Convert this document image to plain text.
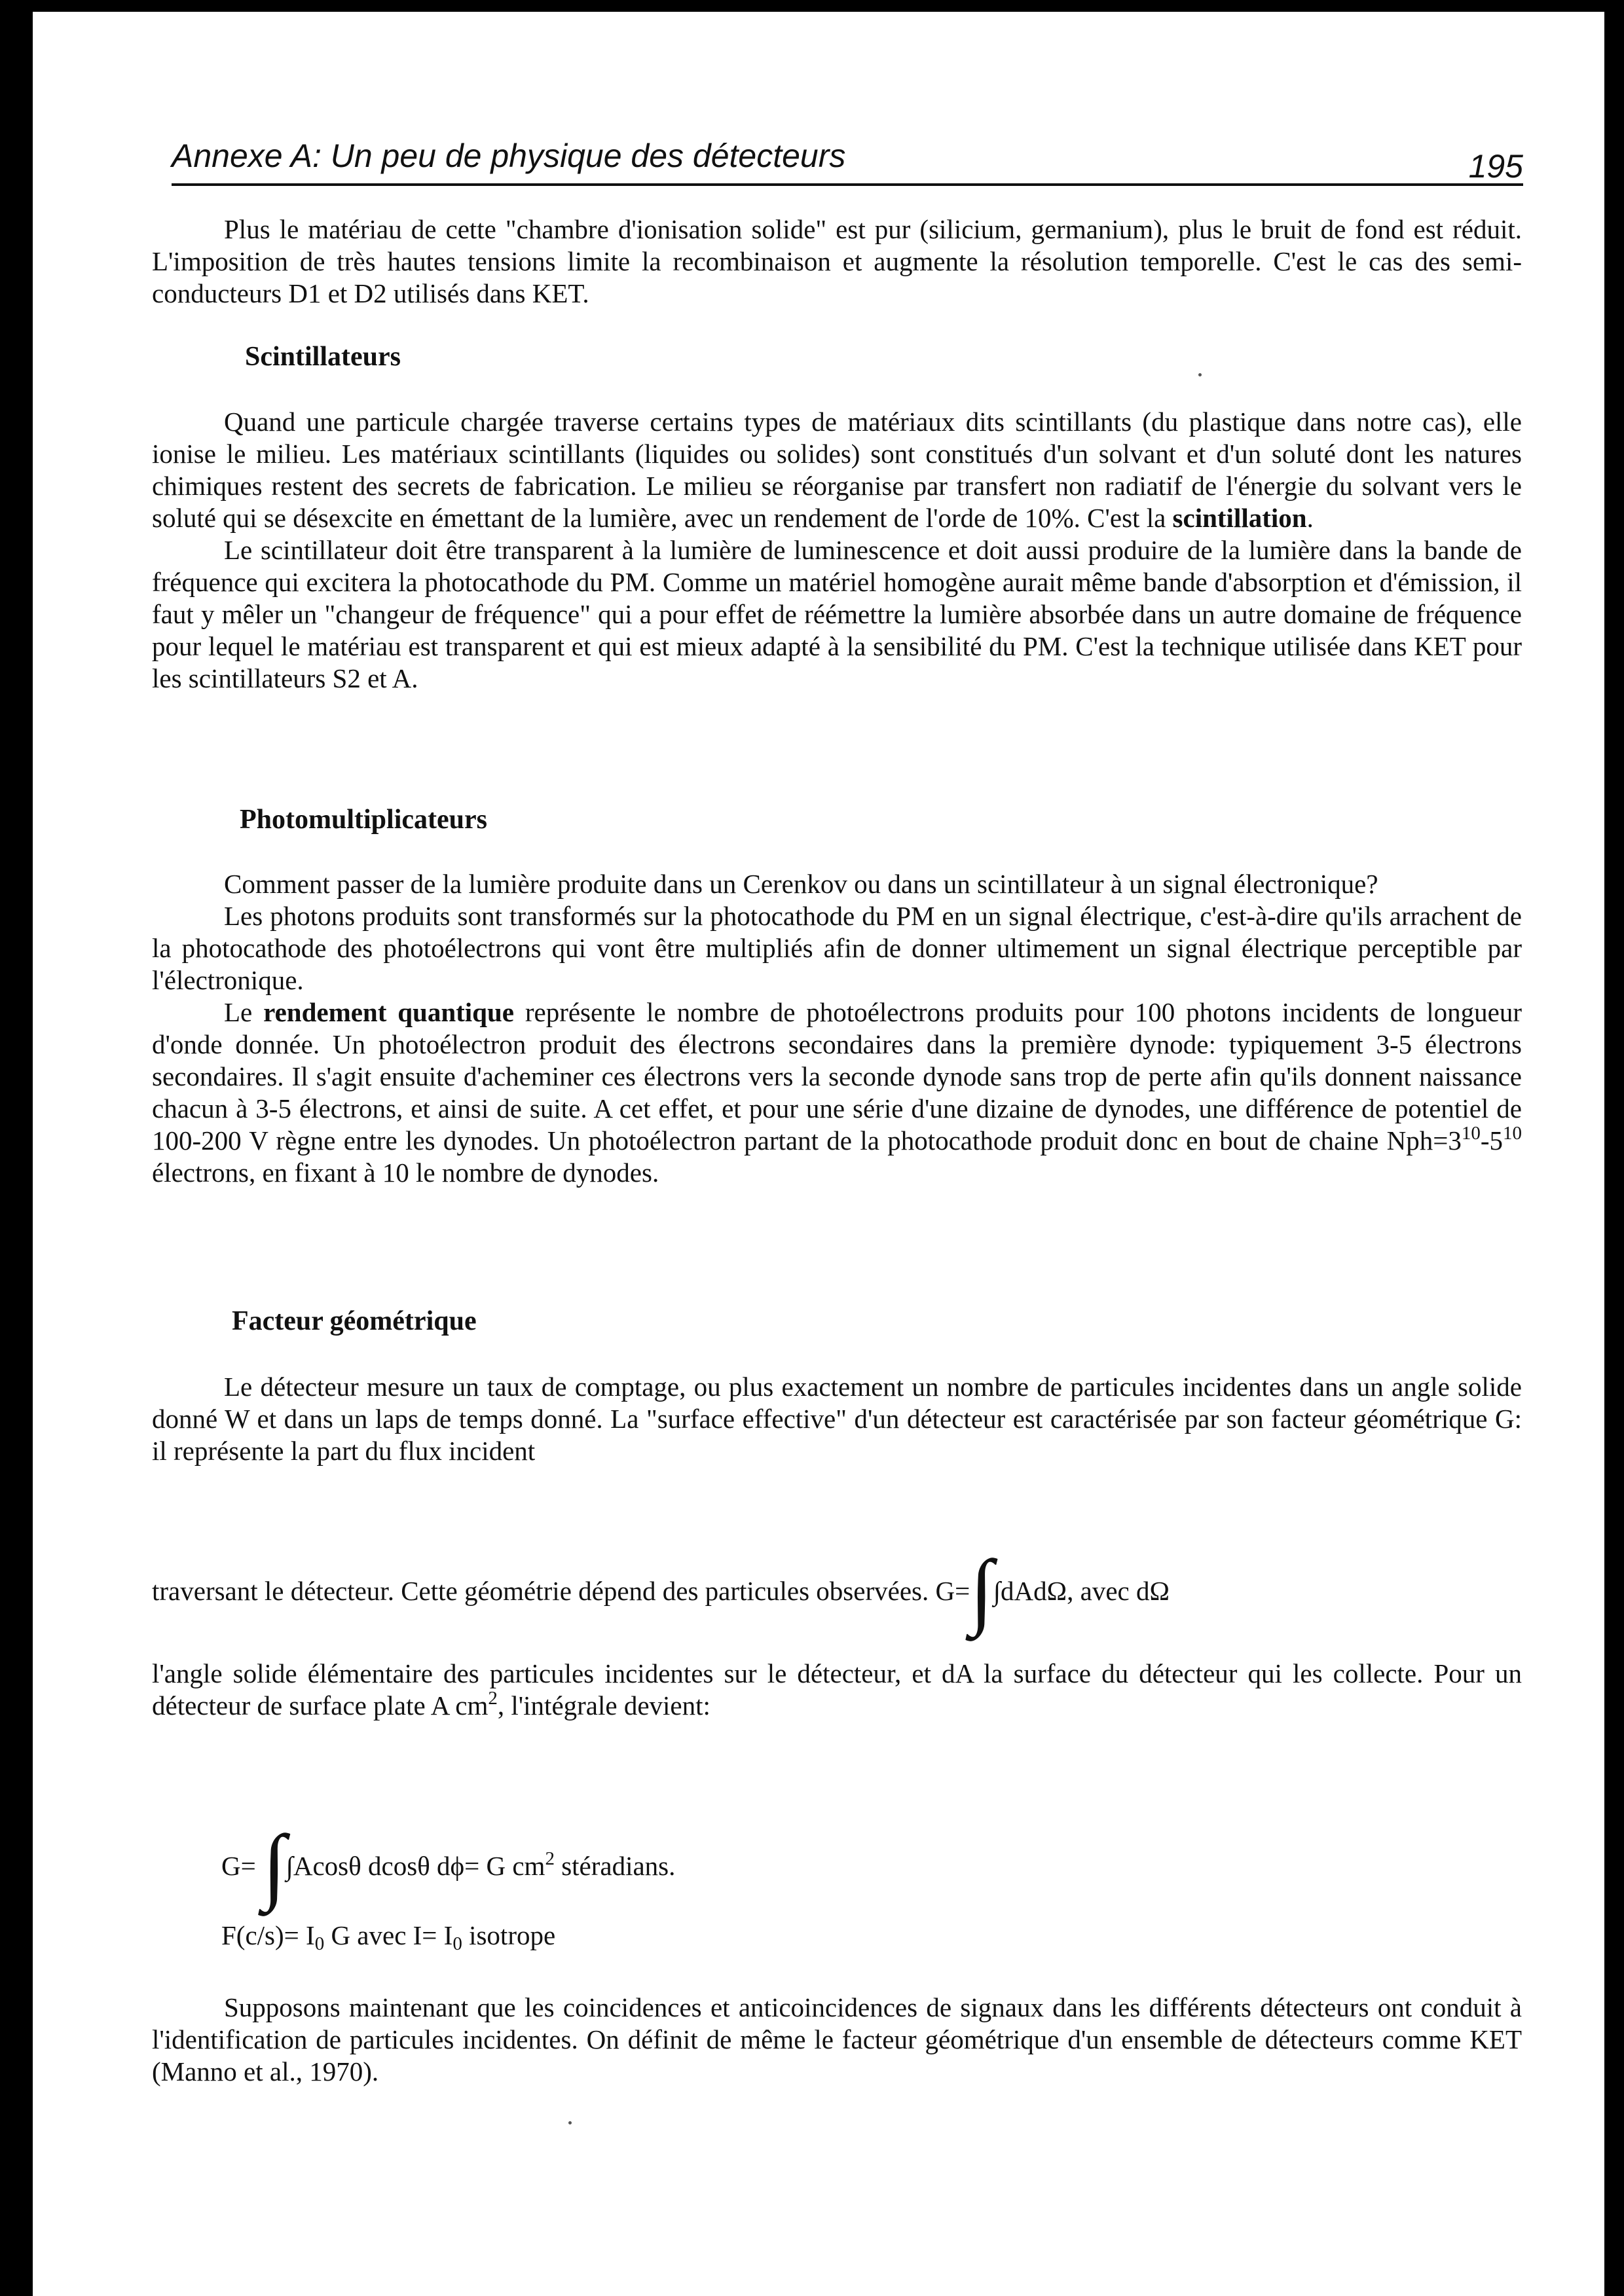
Annexe A: Un peu de physique des détecteurs	195

Plus le matériau de cette "chambre d'ionisation solide" est pur (silicium, germanium), plus le bruit de fond est réduit. L'imposition de très hautes tensions limite la recombinaison et augmente la résolution temporelle. C'est le cas des semi-conducteurs D1 et D2 utilisés dans KET.

Scintillateurs

Quand une particule chargée traverse certains types de matériaux dits scintillants (du plastique dans notre cas), elle ionise le milieu. Les matériaux scintillants (liquides ou solides) sont constitués d'un solvant et d'un soluté dont les natures chimiques restent des secrets de fabrication. Le milieu se réorganise par transfert non radiatif de l'énergie du solvant vers le soluté qui se désexcite en émettant de la lumière, avec un rendement de l'orde de 10%. C'est la scintillation.

Le scintillateur doit être transparent à la lumière de luminescence et doit aussi produire de la lumière dans la bande de fréquence qui excitera la photocathode du PM. Comme un matériel homogène aurait même bande d'absorption et d'émission, il faut y mêler un "changeur de fréquence" qui a pour effet de réémettre la lumière absorbée dans un autre domaine de fréquence pour lequel le matériau est transparent et qui est mieux adapté à la sensibilité du PM. C'est la technique utilisée dans KET pour les scintillateurs S2 et A.

Photomultiplicateurs

Comment passer de la lumière produite dans un Cerenkov ou dans un scintillateur à un signal électronique?

Les photons produits sont transformés sur la photocathode du PM en un signal électrique, c'est-à-dire qu'ils arrachent de la photocathode des photoélectrons qui vont être multipliés afin de donner ultimement un signal électrique perceptible par l'électronique.

Le rendement quantique représente le nombre de photoélectrons produits pour 100 photons incidents de longueur d'onde donnée. Un photoélectron produit des électrons secondaires dans la première dynode: typiquement 3-5 électrons secondaires. Il s'agit ensuite d'acheminer ces électrons vers la seconde dynode sans trop de perte afin qu'ils donnent naissance chacun à 3-5 électrons, et ainsi de suite. A cet effet, et pour une série d'une dizaine de dynodes, une différence de potentiel de 100-200 V règne entre les dynodes. Un photoélectron partant de la photocathode produit donc en bout de chaine $Nph=3^{10}-5^{10}$ électrons, en fixant à 10 le nombre de dynodes.

Facteur géométrique

Le détecteur mesure un taux de comptage, ou plus exactement un nombre de particules incidentes dans un angle solide donné W et dans un laps de temps donné. La "surface effective" d'un détecteur est caractérisée par son facteur géométrique G: il représente la part du flux incident

traversant le détecteur. Cette géométrie dépend des particules observées. G=∫∫dAdΩ, avec dΩ

l'angle solide élémentaire des particules incidentes sur le détecteur, et dA la surface du détecteur qui les collecte. Pour un détecteur de surface plate A $cm^2$, l'intégrale devient:

G= ∫∫Acosθ dcosθ dϕ= G $cm^2$ stéradians.
$F(c/s)= I_0$ G avec $I= I_0$ isotrope

Supposons maintenant que les coincidences et anticoincidences de signaux dans les différents détecteurs ont conduit à l'identification de particules incidentes. On définit de même le facteur géométrique d'un ensemble de détecteurs comme KET (Manno et al., 1970).
